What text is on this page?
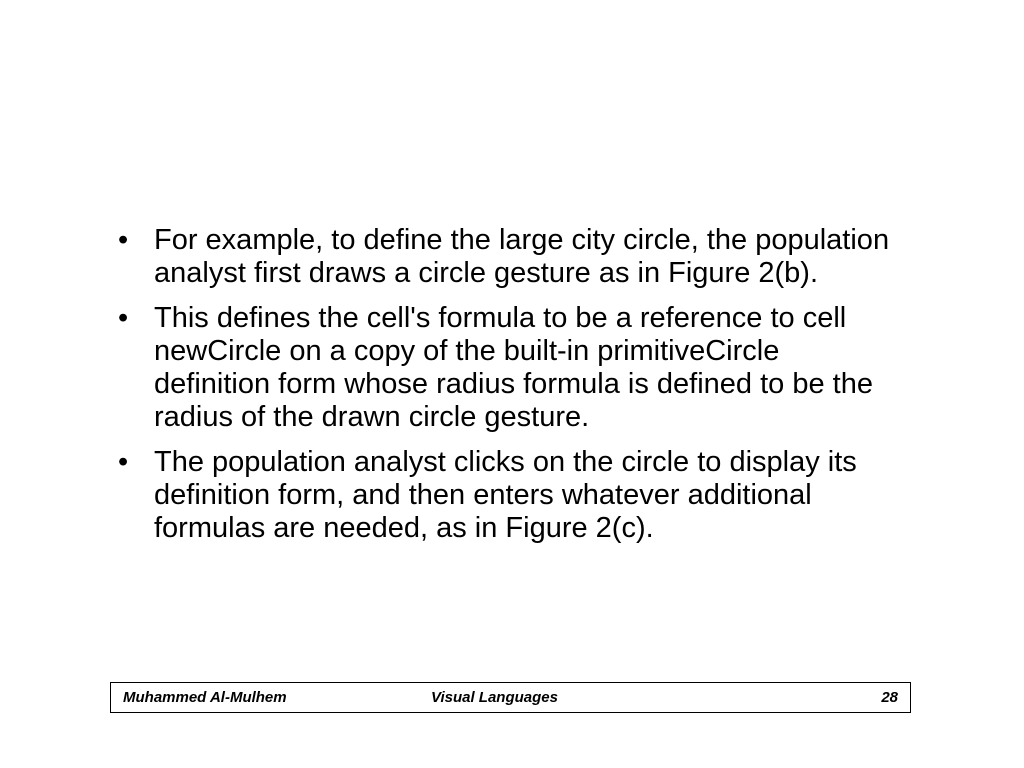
• For example, to define the large city circle, the population analyst first draws a circle gesture as in Figure 2(b).
• This defines the cell's formula to be a reference to cell newCircle on a copy of the built-in primitiveCircle definition form whose radius formula is defined to be the radius of the drawn circle gesture.
• The population analyst clicks on the circle to display its definition form, and then enters whatever additional formulas are needed, as in Figure 2(c).
Muhammed Al-Mulhem	Visual Languages	28
